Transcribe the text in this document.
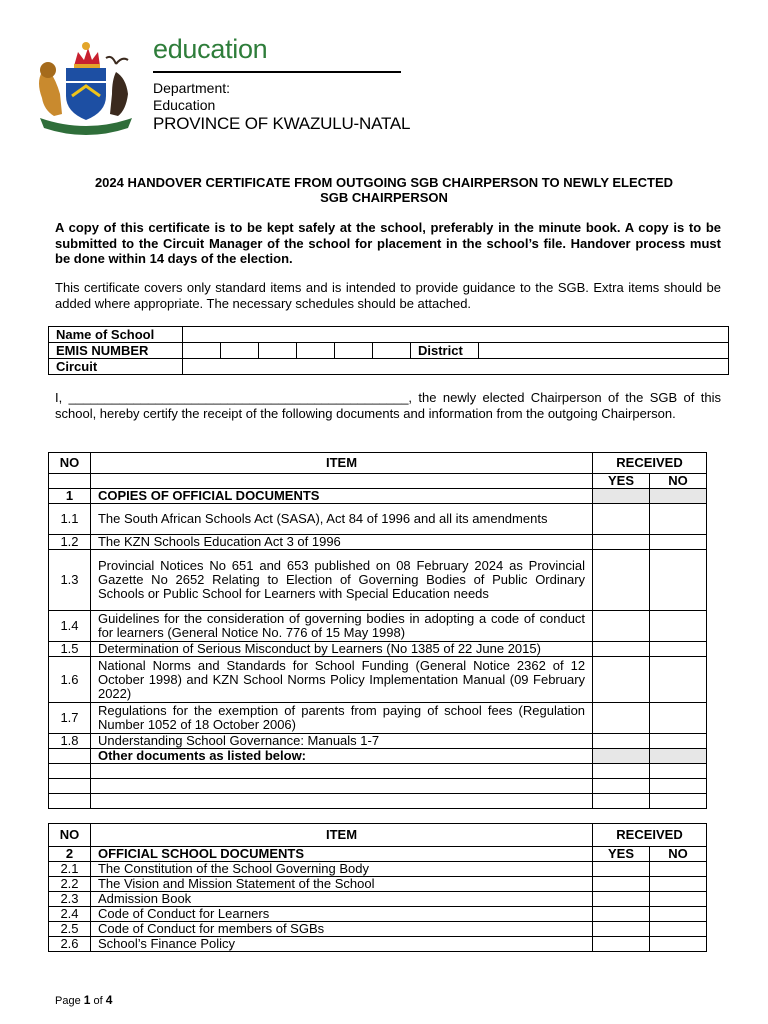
education
Department:
Education
PROVINCE OF KWAZULU-NATAL
2024 HANDOVER CERTIFICATE FROM OUTGOING SGB CHAIRPERSON TO NEWLY ELECTED
SGB CHAIRPERSON
A copy of this certificate is to be kept safely at the school, preferably in the minute book. A copy is to be submitted to the Circuit Manager of the school for placement in the school’s file. Handover process must be done within 14 days of the election.
This certificate covers only standard items and is intended to provide guidance to the SGB. Extra items should be added where appropriate. The necessary schedules should be attached.
Name of School								
EMIS NUMBER							District	
Circuit								
I, _______________________________________________, the newly elected Chairperson of the SGB of this school, hereby certify the receipt of the following documents and information from the outgoing Chairperson.
NO	ITEM	RECEIVED	
		YES	NO
1	COPIES OF OFFICIAL DOCUMENTS		
1.1	The South African Schools Act (SASA), Act 84 of 1996 and all its amendments		
1.2	The KZN Schools Education Act 3 of 1996		
1.3	Provincial Notices No 651 and 653 published on 08 February 2024 as Provincial Gazette No 2652 Relating to Election of Governing Bodies of Public Ordinary Schools or Public School for Learners with Special Education needs		
1.4	Guidelines for the consideration of governing bodies in adopting a code of conduct for learners (General Notice No. 776 of 15 May 1998)		
1.5	Determination of Serious Misconduct by Learners (No 1385 of 22 June 2015)		
1.6	National Norms and Standards for School Funding (General Notice 2362 of 12 October 1998) and KZN School Norms Policy Implementation Manual (09 February 2022)		
1.7	Regulations for the exemption of parents from paying of school fees (Regulation Number 1052 of 18 October 2006)		
1.8	Understanding School Governance: Manuals 1-7		
	Other documents as listed below:		

NO	ITEM	RECEIVED	
2	OFFICIAL SCHOOL DOCUMENTS	YES	NO
2.1	The Constitution of the School Governing Body		
2.2	The Vision and Mission Statement of the School		
2.3	Admission Book		
2.4	Code of Conduct for Learners		
2.5	Code of Conduct for members of SGBs		
2.6	School’s Finance Policy		
Page 1 of 4
